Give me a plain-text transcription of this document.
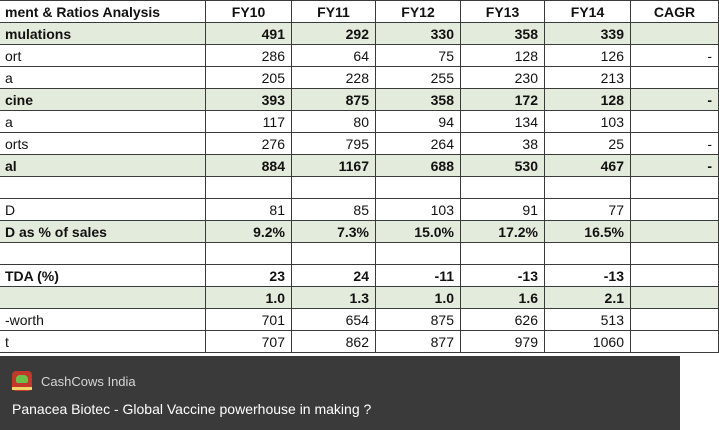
ment & Ratios Analysis	FY10	FY11	FY12	FY13	FY14	CAGR
mulations	491	292	330	358	339	
ort	286	64	75	128	126	-
a	205	228	255	230	213	
cine	393	875	358	172	128	-
a	117	80	94	134	103	
orts	276	795	264	38	25	-
al	884	1167	688	530	467	-

D	81	85	103	91	77	
D as % of sales	9.2%	7.3%	15.0%	17.2%	16.5%	

TDA (%)	23	24	-11	-13	-13	
	1.0	1.3	1.0	1.6	2.1	
-worth	701	654	875	626	513	
t	707	862	877	979	1060	
CashCows India
Panacea Biotec - Global Vaccine powerhouse in making ?
